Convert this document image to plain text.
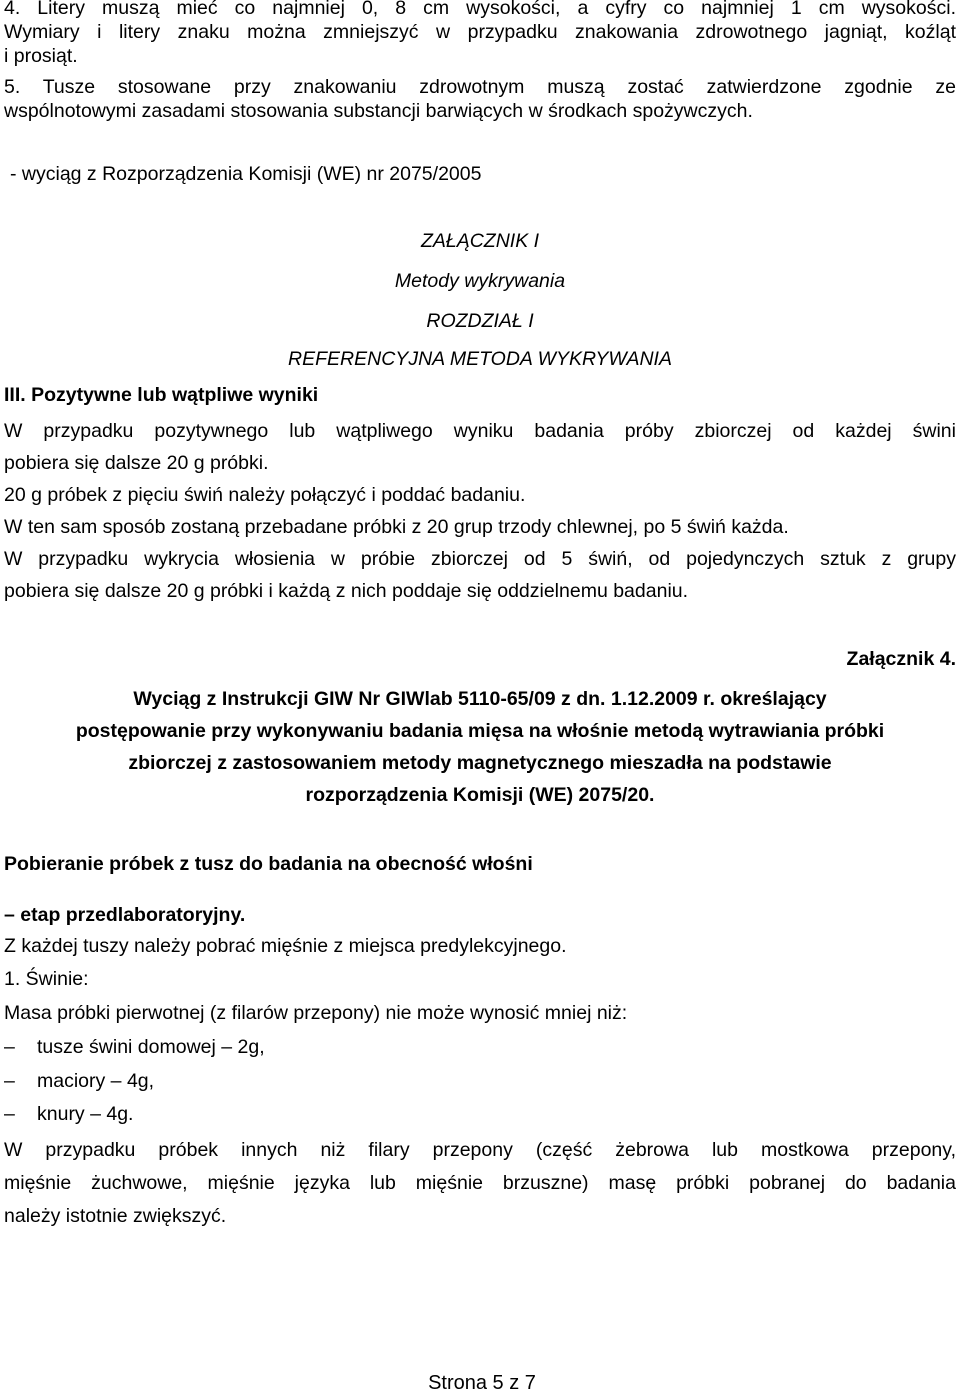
4. Litery muszą mieć co najmniej 0, 8 cm wysokości, a cyfry co najmniej 1 cm wysokości.

Wymiary i litery znaku można zmniejszyć w przypadku znakowania zdrowotnego jagniąt, koźląt

i prosiąt.

5. Tusze stosowane przy znakowaniu zdrowotnym muszą zostać zatwierdzone zgodnie ze

wspólnotowymi zasadami stosowania substancji barwiących w środkach spożywczych.

- wyciąg z Rozporządzenia Komisji (WE) nr 2075/2005
ZAŁĄCZNIK I
Metody wykrywania
ROZDZIAŁ I
REFERENCYJNA METODA WYKRYWANIA
III. Pozytywne lub wątpliwe wyniki

W przypadku pozytywnego lub wątpliwego wyniku badania próby zbiorczej od każdej świni

pobiera się dalsze 20 g próbki.

20 g próbek z pięciu świń należy połączyć i poddać badaniu.

W ten sam sposób zostaną przebadane próbki z 20 grup trzody chlewnej, po 5 świń każda.

W przypadku wykrycia włosienia w próbie zbiorczej od 5 świń, od pojedynczych sztuk z grupy

pobiera się dalsze 20 g próbki i każdą z nich poddaje się oddzielnemu badaniu.

Załącznik 4.
Wyciąg z Instrukcji GIW Nr GIWlab 5110-65/09 z dn. 1.12.2009 r. określający
postępowanie przy wykonywaniu badania mięsa na włośnie metodą wytrawiania próbki
zbiorczej z zastosowaniem metody magnetycznego mieszadła na podstawie
rozporządzenia Komisji (WE) 2075/20.
Pobieranie próbek z tusz do badania na obecność włośni
– etap przedlaboratoryjny.
Z każdej tuszy należy pobrać mięśnie z miejsca predylekcyjnego.
1. Świnie:
Masa próbki pierwotnej (z filarów przepony) nie może wynosić mniej niż:
– tusze świni domowej – 2g,
– maciory – 4g,
– knury – 4g.

W przypadku próbek innych niż filary przepony (część żebrowa lub mostkowa przepony,

mięśnie żuchwowe, mięśnie języka lub mięśnie brzuszne) masę próbki pobranej do badania

należy istotnie zwiększyć.

Strona 5 z 7
